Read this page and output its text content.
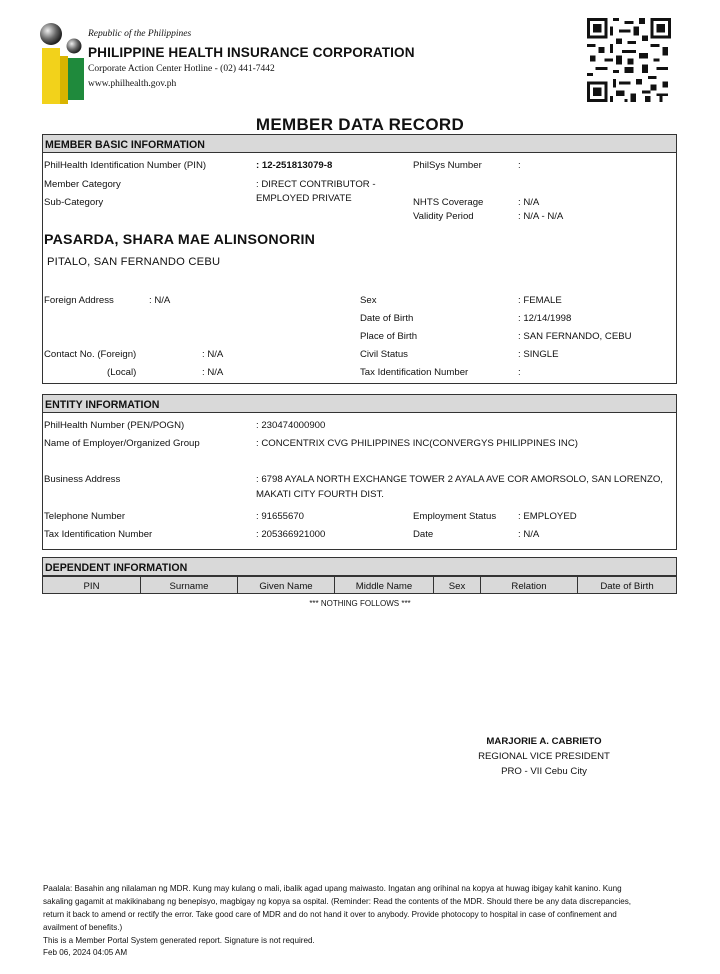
Republic of the Philippines
PHILIPPINE HEALTH INSURANCE CORPORATION
Corporate Action Center Hotline - (02) 441-7442
www.philhealth.gov.ph
MEMBER DATA RECORD
MEMBER BASIC INFORMATION
PhilHealth Identification Number (PIN)	: 12-251813079-8	PhilSys Number	:
Member Category	: DIRECT CONTRIBUTOR -
EMPLOYED PRIVATE
Sub-Category	NHTS Coverage	: N/A
Validity Period	: N/A - N/A
PASARDA, SHARA MAE ALINSONORIN
PITALO, SAN FERNANDO CEBU
Foreign Address	: N/A
Contact No. (Foreign)	: N/A
(Local)	: N/A
Sex	: FEMALE
Date of Birth	: 12/14/1998
Place of Birth	: SAN FERNANDO, CEBU
Civil Status	: SINGLE
Tax Identification Number	:
ENTITY INFORMATION
PhilHealth Number (PEN/POGN)	: 230474000900
Name of Employer/Organized Group	: CONCENTRIX CVG PHILIPPINES INC(CONVERGYS PHILIPPINES INC)
Business Address	: 6798 AYALA NORTH EXCHANGE TOWER 2 AYALA AVE COR AMORSOLO, SAN LORENZO,
MAKATI CITY FOURTH DIST.
Telephone Number	: 91655670	Employment Status : EMPLOYED
Tax Identification Number	: 205366921000	Date	: N/A
DEPENDENT INFORMATION
PIN	Surname	Given Name	Middle Name	Sex	Relation	Date of Birth
*** NOTHING FOLLOWS ***
MARJORIE A. CABRIETO
REGIONAL VICE PRESIDENT
PRO - VII Cebu City
Paalala: Basahin ang nilalaman ng MDR. Kung may kulang o mali, ibalik agad upang maiwasto. Ingatan ang orihinal na kopya at huwag ibigay kahit kanino. Kung
sakaling gagamit at makikinabang ng benepisyo, magbigay ng kopya sa ospital. (Reminder: Read the contents of the MDR. Should there be any data discrepancies,
return it back to amend or rectify the error. Take good care of MDR and do not hand it over to anybody. Provide photocopy to hospital in case of confinement and
availment of benefits.)
This is a Member Portal System generated report. Signature is not required.
Feb 06, 2024 04:05 AM
